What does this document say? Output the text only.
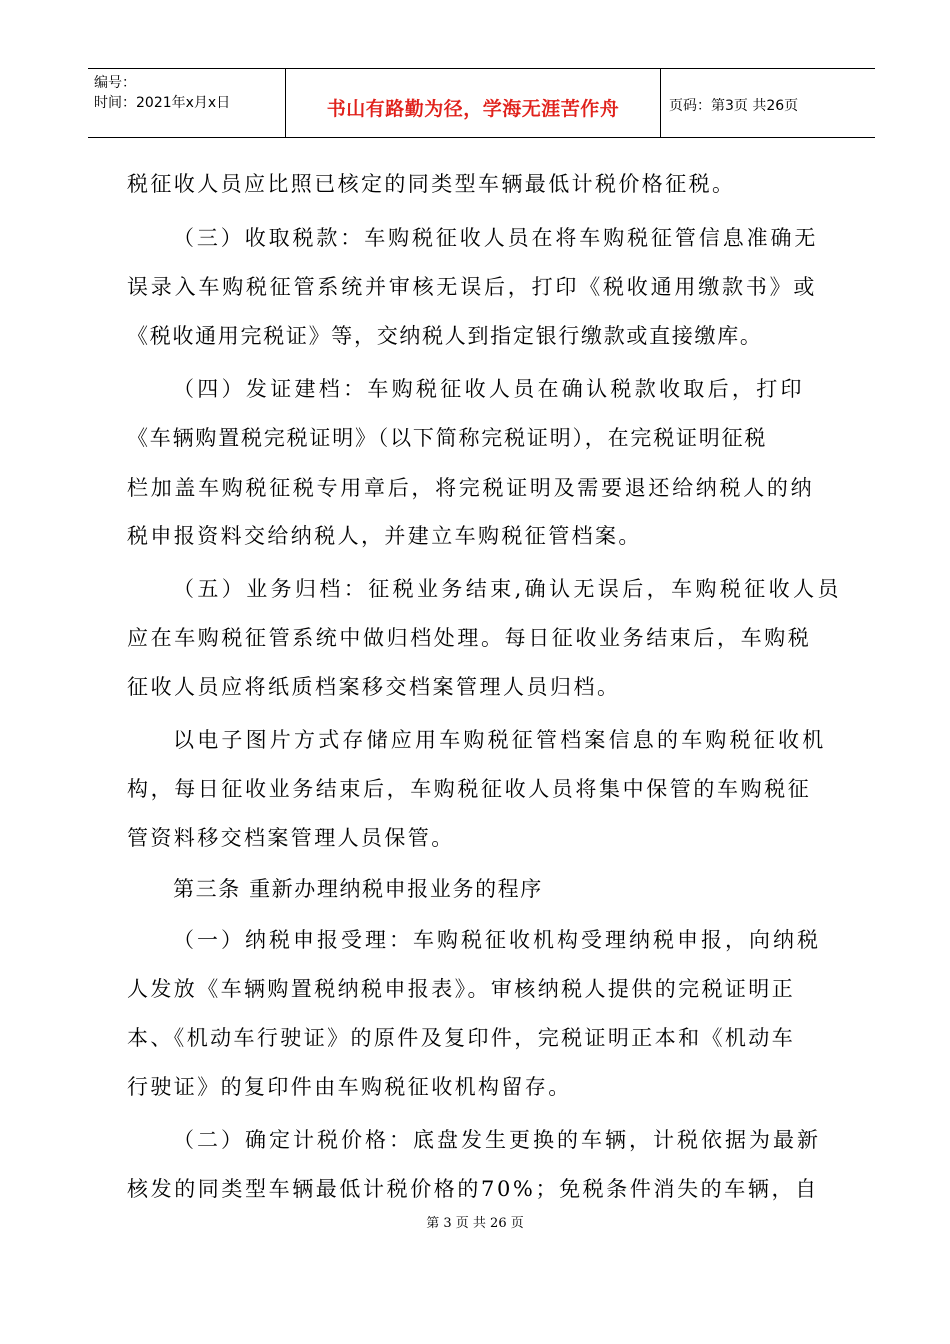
编号：
时间：2021年x月x日	书山有路勤为径，学海无涯苦作舟	页码：第3页 共26页
税征收人员应比照已核定的同类型车辆最低计税价格征税。
（三）收取税款：车购税征收人员在将车购税征管信息准确无
误录入车购税征管系统并审核无误后，打印《税收通用缴款书》或
《税收通用完税证》等，交纳税人到指定银行缴款或直接缴库。
（四）发证建档：车购税征收人员在确认税款收取后，打印
《车辆购置税完税证明》（以下简称完税证明），在完税证明征税
栏加盖车购税征税专用章后，将完税证明及需要退还给纳税人的纳
税申报资料交给纳税人，并建立车购税征管档案。
（五）业务归档：征税业务结束,确认无误后，车购税征收人员
应在车购税征管系统中做归档处理。每日征收业务结束后，车购税
征收人员应将纸质档案移交档案管理人员归档。
以电子图片方式存储应用车购税征管档案信息的车购税征收机
构，每日征收业务结束后，车购税征收人员将集中保管的车购税征
管资料移交档案管理人员保管。
第三条 重新办理纳税申报业务的程序
（一）纳税申报受理：车购税征收机构受理纳税申报，向纳税
人发放《车辆购置税纳税申报表》。审核纳税人提供的完税证明正
本、《机动车行驶证》的原件及复印件，完税证明正本和《机动车
行驶证》的复印件由车购税征收机构留存。
（二）确定计税价格：底盘发生更换的车辆，计税依据为最新
核发的同类型车辆最低计税价格的70%；免税条件消失的车辆，自
第 3 页 共 26 页
